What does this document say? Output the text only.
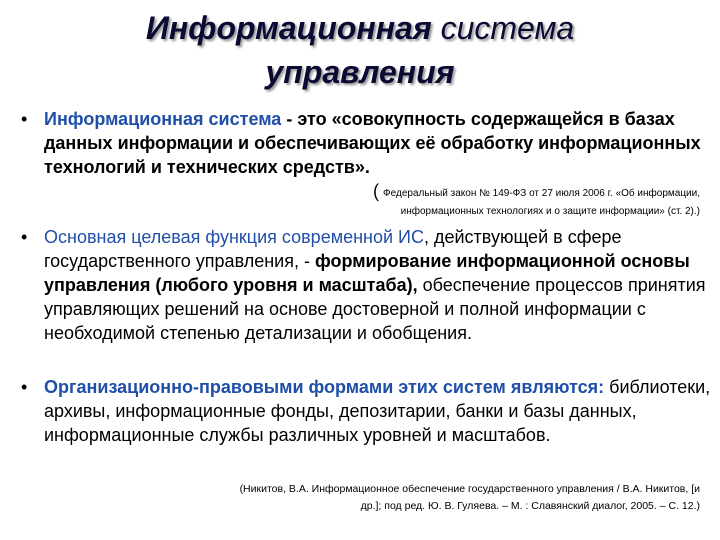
Информационная система
управления
• Информационная система - это «совокупность содержащейся в базах данных информации и обеспечивающих её обработку информационных технологий и технических средств».
( Федеральный закон № 149-ФЗ от 27 июля 2006 г. «Об информации,
информационных технологиях и о защите информации» (ст. 2).)
• Основная целевая функция современной ИС, действующей в сфере государственного управления, - формирование информационной основы управления (любого уровня и масштаба), обеспечение процессов принятия управляющих решений на основе достоверной и полной информации с необходимой степенью детализации и обобщения.
• Организационно-правовыми формами этих систем являются: библиотеки, архивы, информационные фонды, депозитарии, банки и базы данных, информационные службы различных уровней и масштабов.
(Никитов, В.А. Информационное обеспечение государственного управления / В.А. Никитов, [и
др.]; под ред. Ю. В. Гуляева. – М. : Славянский диалог, 2005. – С. 12.)
